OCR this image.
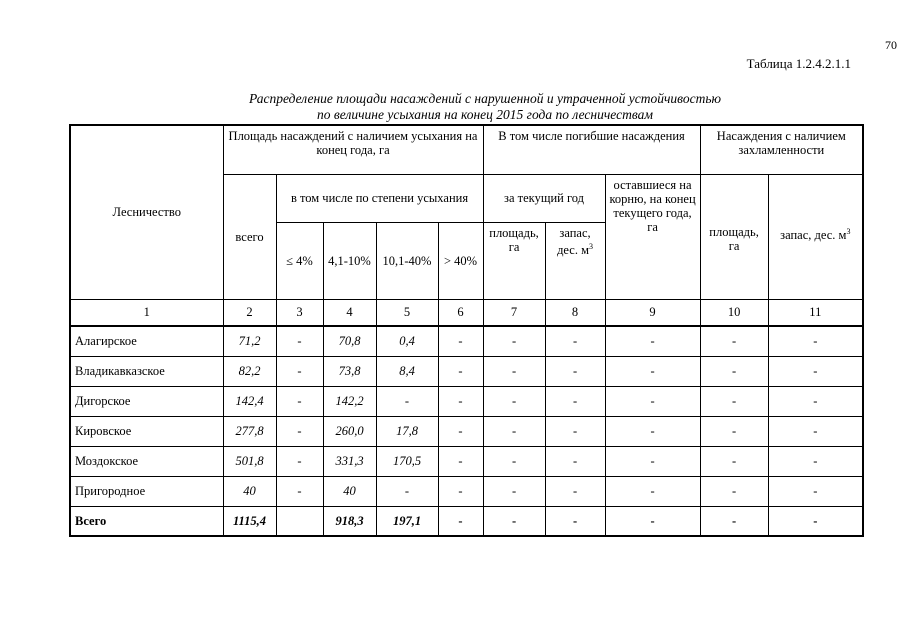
70
Таблица 1.2.4.2.1.1
Распределение площади насаждений с нарушенной и утраченной устойчивостью
по величине усыхания на конец 2015 года по лесничествам
Лесничество	Площадь насаждений с наличием усыхания на конец года, га					В том числе погибшие насаждения			Насаждения с наличием захламленности	
	всего	в том числе по степени усыхания				за текущий год		оставшиеся на корню, на конец текущего года, га		
		≤ 4%	4,1-10%	10,1-40%	> 40%	площадь, га	запас, дес. $м^3$		площадь, га	запас, дес. $м^3$

1	2	3	4	5	6	7	8	9	10	11
Алагирское	71,2	-	70,8	0,4	-	-	-	-	-	-
Владикавказское	82,2	-	73,8	8,4	-	-	-	-	-	-
Дигорское	142,4	-	142,2	-	-	-	-	-	-	-
Кировское	277,8	-	260,0	17,8	-	-	-	-	-	-
Моздокское	501,8	-	331,3	170,5	-	-	-	-	-	-
Пригородное	40	-	40	-	-	-	-	-	-	-
Всего	1115,4		918,3	197,1	-	-	-	-	-	-
